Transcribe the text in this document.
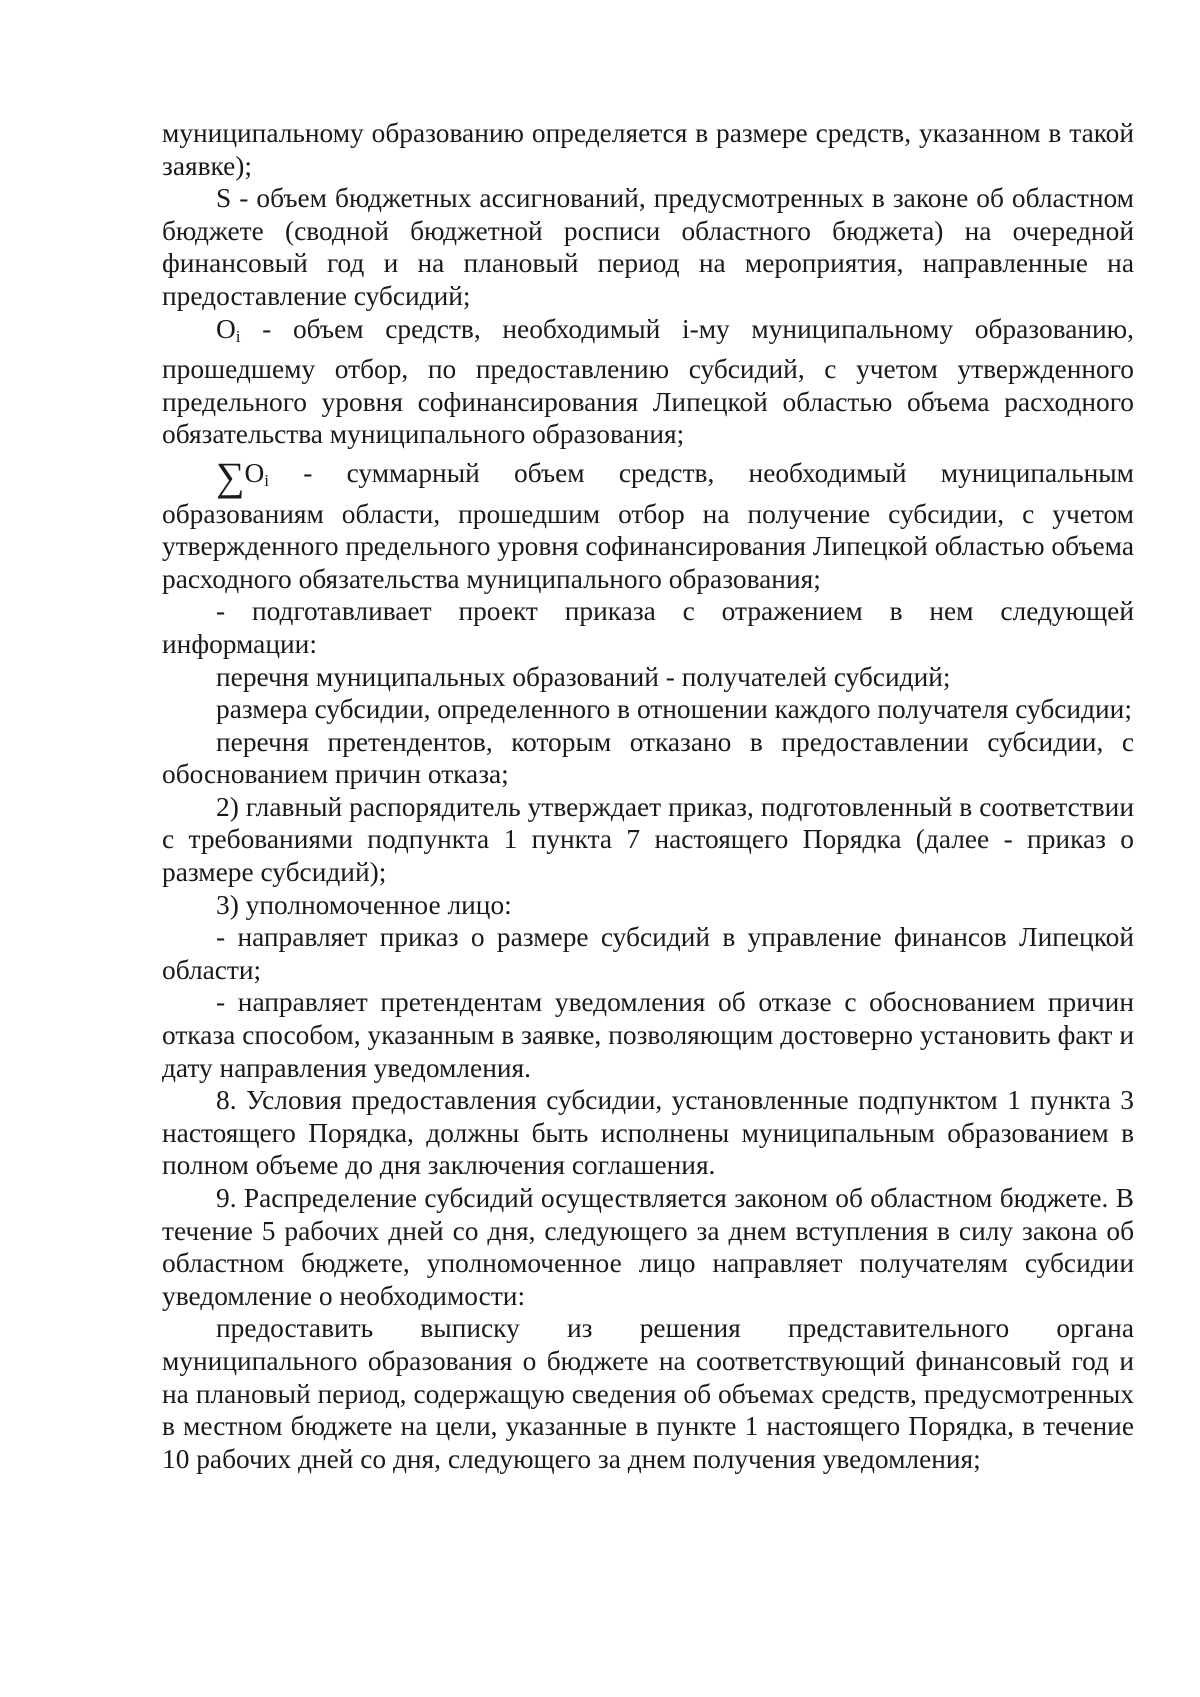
муниципальному образованию определяется в размере средств, указанном в такой заявке);

S - объем бюджетных ассигнований, предусмотренных в законе об областном бюджете (сводной бюджетной росписи областного бюджета) на очередной финансовый год и на плановый период на мероприятия, направленные на предоставление субсидий;

$O_i$ - объем средств, необходимый i-му муниципальному образованию, прошедшему отбор, по предоставлению субсидий, с учетом утвержденного предельного уровня софинансирования Липецкой областью объема расходного обязательства муниципального образования;

$\sum O_i$ - суммарный объем средств, необходимый муниципальным образованиям области, прошедшим отбор на получение субсидии, с учетом утвержденного предельного уровня софинансирования Липецкой областью объема расходного обязательства муниципального образования;

- подготавливает проект приказа с отражением в нем следующей информации:

перечня муниципальных образований - получателей субсидий;

размера субсидии, определенного в отношении каждого получателя субсидии;

перечня претендентов, которым отказано в предоставлении субсидии, с обоснованием причин отказа;

2) главный распорядитель утверждает приказ, подготовленный в соответствии с требованиями подпункта 1 пункта 7 настоящего Порядка (далее - приказ о размере субсидий);

3) уполномоченное лицо:

- направляет приказ о размере субсидий в управление финансов Липецкой области;

- направляет претендентам уведомления об отказе с обоснованием причин отказа способом, указанным в заявке, позволяющим достоверно установить факт и дату направления уведомления.

8. Условия предоставления субсидии, установленные подпунктом 1 пункта 3 настоящего Порядка, должны быть исполнены муниципальным образованием в полном объеме до дня заключения соглашения.

9. Распределение субсидий осуществляется законом об областном бюджете. В течение 5 рабочих дней со дня, следующего за днем вступления в силу закона об областном бюджете, уполномоченное лицо направляет получателям субсидии уведомление о необходимости:

предоставить выписку из решения представительного органа муниципального образования о бюджете на соответствующий финансовый год и на плановый период, содержащую сведения об объемах средств, предусмотренных в местном бюджете на цели, указанные в пункте 1 настоящего Порядка, в течение 10 рабочих дней со дня, следующего за днем получения уведомления;
